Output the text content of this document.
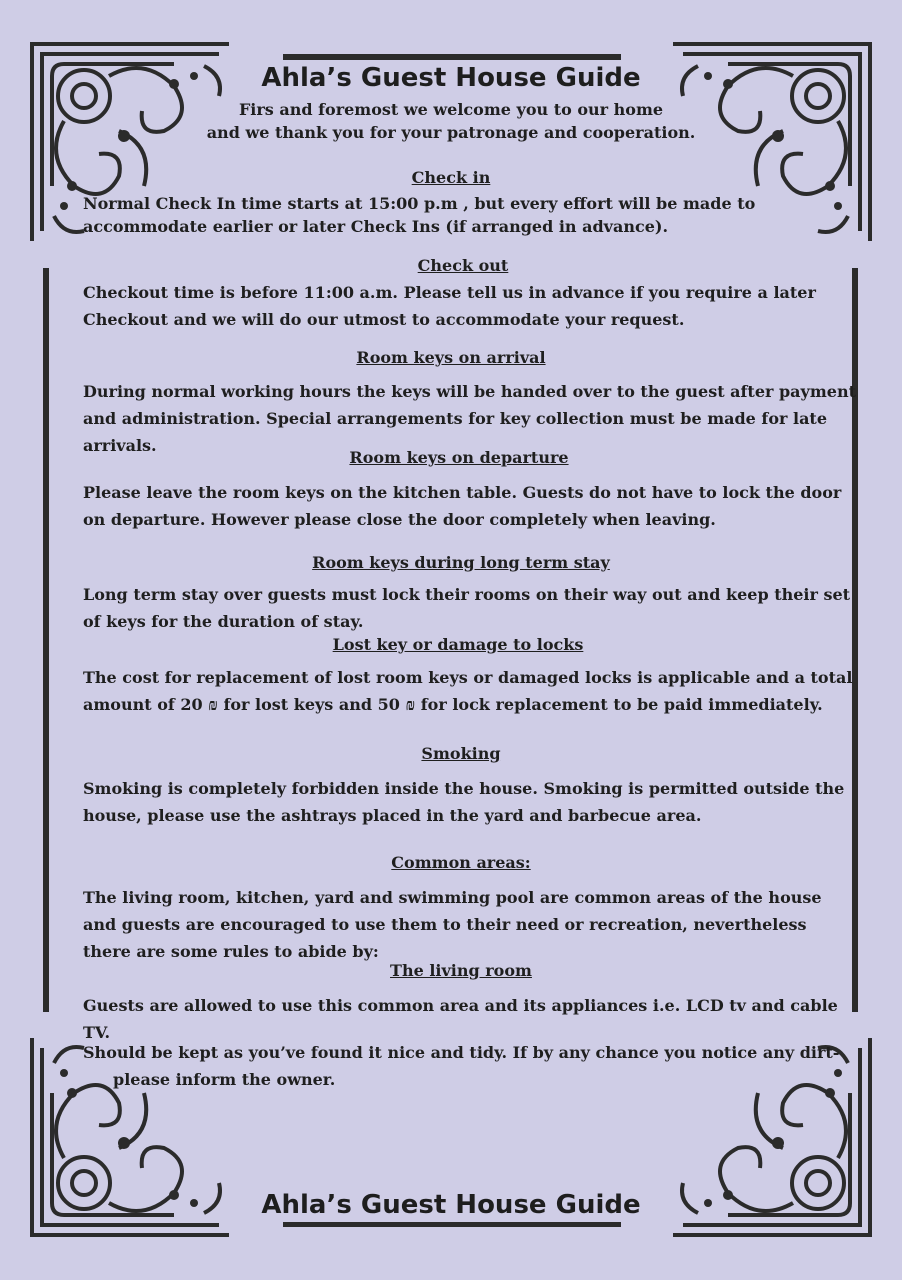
Ahla’s Guest House Guide
Firs and foremost we welcome you to our home
and we thank you for your patronage and cooperation.
Check in
Normal Check In time starts at 15:00 p.m , but every effort will be made to accommodate earlier or later Check Ins (if arranged in advance).
Check out
Checkout time is before 11:00 a.m. Please tell us in advance if you require a later Checkout and we will do our utmost to accommodate your request.
Room keys on arrival
During normal working hours the keys will be handed over to the guest after payment and administration. Special arrangements for key collection must be made for late arrivals.
Room keys on departure
Please leave the room keys on the kitchen table. Guests do not have to lock the door on departure. However please close the door completely when leaving.
Room keys during long term stay
Long term stay over guests must lock their rooms on their way out and keep their set of keys for the duration of stay.
Lost key or damage to locks
The cost for replacement of lost room keys or damaged locks is applicable and a total amount of 20 ₪ for lost keys and 50 ₪ for lock replacement to be paid immediately.
Smoking
Smoking is completely forbidden inside the house. Smoking is permitted outside the house, please use the ashtrays placed in the yard and barbecue area.
Common areas:
The living room, kitchen, yard and swimming pool are common areas of the house and guests are encouraged to use them to their need or recreation, nevertheless there are some rules to abide by:
The living room
Guests are allowed to use this common area and its appliances i.e. LCD tv and cable TV.
Should be kept as you’ve found it nice and tidy. If by any chance you notice any dirt-
please inform the owner.
Ahla’s Guest House Guide
